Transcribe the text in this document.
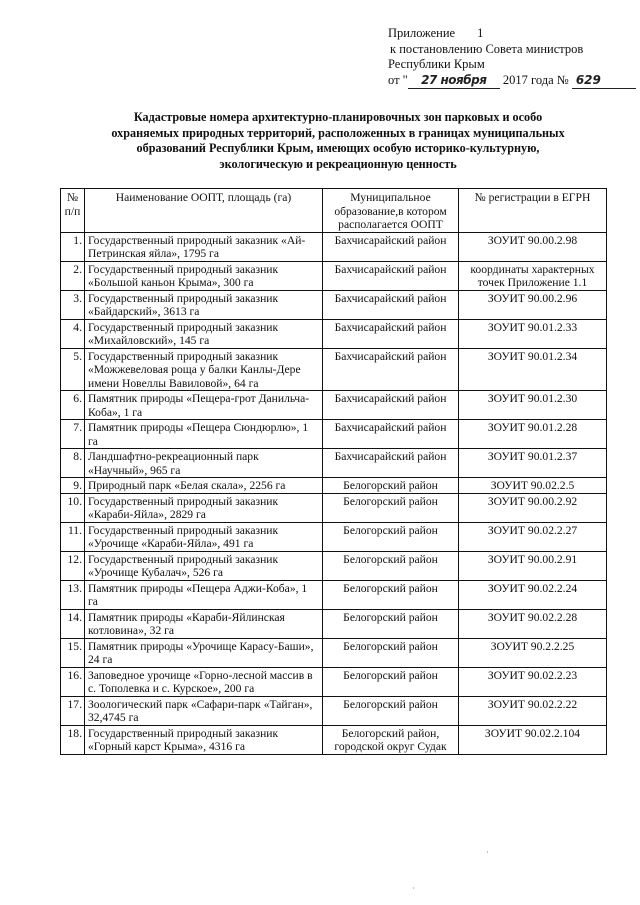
Приложение 1
к постановлению Совета министров
Республики Крым
от " 27 ноября 2017 года № 629
Кадастровые номера архитектурно-планировочных зон парковых и особо охраняемых природных территорий, расположенных в границах муниципальных образований Республики Крым, имеющих особую историко-культурную, экологическую и рекреационную ценность
№ п/п	Наименование ООПТ, площадь (га)	Муниципальное образование,в котором располагается ООПТ	№ регистрации в ЕГРН
1.	Государственный природный заказник «Ай-Петринская яйла», 1795 га	Бахчисарайский район	ЗОУИТ 90.00.2.98
2.	Государственный природный заказник «Большой каньон Крыма», 300 га	Бахчисарайский район	координаты характерных точек Приложение 1.1
3.	Государственный природный заказник «Байдарский», 3613 га	Бахчисарайский район	ЗОУИТ 90.00.2.96
4.	Государственный природный заказник «Михайловский», 145 га	Бахчисарайский район	ЗОУИТ 90.01.2.33
5.	Государственный природный заказник «Можжевеловая роща у балки Канлы-Дере имени Новеллы Вавиловой», 64 га	Бахчисарайский район	ЗОУИТ 90.01.2.34
6.	Памятник природы «Пещера-грот Данильча-Коба», 1 га	Бахчисарайский район	ЗОУИТ 90.01.2.30
7.	Памятник природы «Пещера Сюндюрлю», 1 га	Бахчисарайский район	ЗОУИТ 90.01.2.28
8.	Ландшафтно-рекреационный парк «Научный», 965 га	Бахчисарайский район	ЗОУИТ 90.01.2.37
9.	Природный парк «Белая скала», 2256 га	Белогорский район	ЗОУИТ 90.02.2.5
10.	Государственный природный заказник «Караби-Яйла», 2829 га	Белогорский район	ЗОУИТ 90.00.2.92
11.	Государственный природный заказник «Урочище «Караби-Яйла», 491 га	Белогорский район	ЗОУИТ 90.02.2.27
12.	Государственный природный заказник «Урочище Кубалач», 526 га	Белогорский район	ЗОУИТ 90.00.2.91
13.	Памятник природы «Пещера Аджи-Коба», 1 га	Белогорский район	ЗОУИТ 90.02.2.24
14.	Памятник природы «Караби-Яйлинская котловина», 32 га	Белогорский район	ЗОУИТ 90.02.2.28
15.	Памятник природы «Урочище Карасу-Баши», 24 га	Белогорский район	ЗОУИТ 90.2.2.25
16.	Заповедное урочище «Горно-лесной массив в с. Тополевка и с. Курское», 200 га	Белогорский район	ЗОУИТ 90.02.2.23
17.	Зоологический парк «Сафари-парк «Тайган», 32,4745 га	Белогорский район	ЗОУИТ 90.02.2.22
18.	Государственный природный заказник «Горный карст Крыма», 4316 га	Белогорский район, городской округ Судак	ЗОУИТ 90.02.2.104
·
·
